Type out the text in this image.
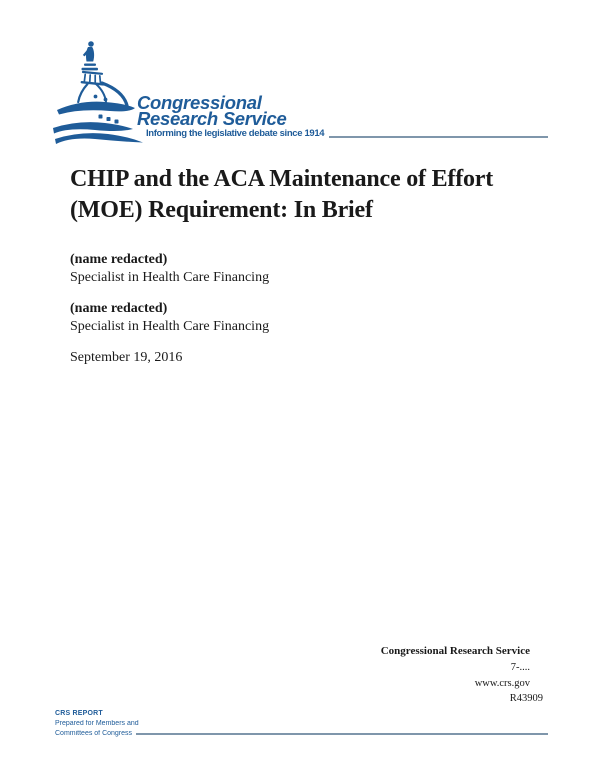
Congressional
Research Service
Informing the legislative debate since 1914
CHIP and the ACA Maintenance of Effort
(MOE) Requirement: In Brief
(name redacted)
Specialist in Health Care Financing
(name redacted)
Specialist in Health Care Financing
September 19, 2016
Congressional Research Service
7-....
www.crs.gov
R43909
CRS REPORT
Prepared for Members and
Committees of Congress
